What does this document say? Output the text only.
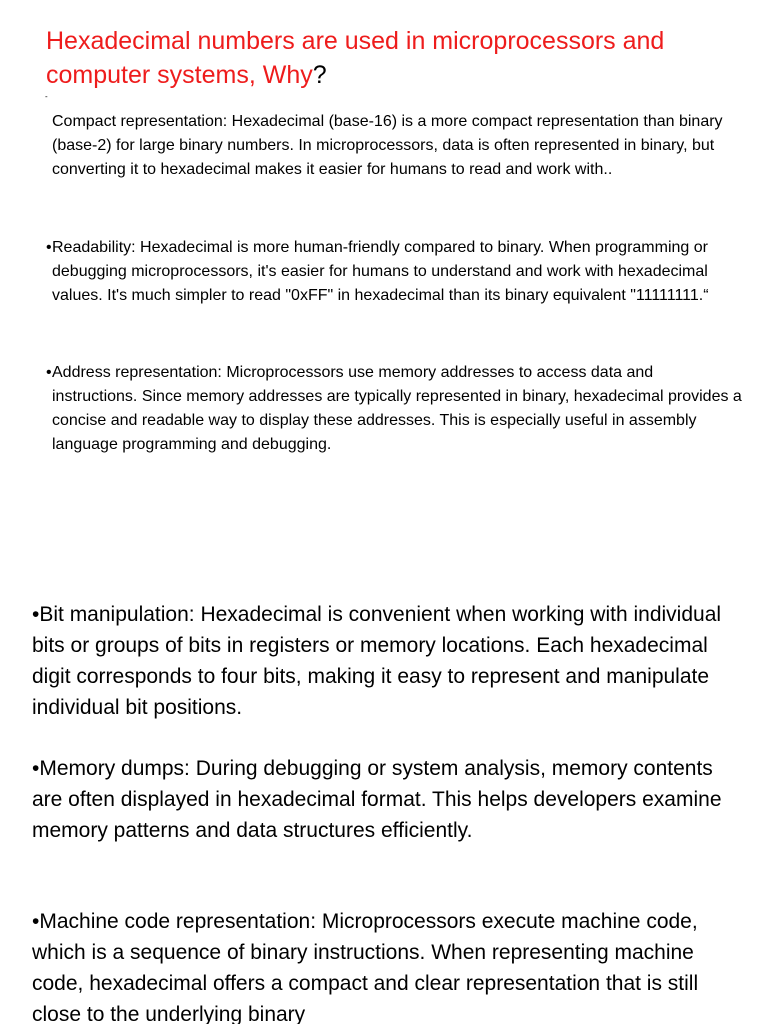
Hexadecimal numbers are used in microprocessors and computer systems, Why?
-

Compact representation: Hexadecimal (base-16) is a more compact representation than binary (base-2) for large binary numbers. In microprocessors, data is often represented in binary, but converting it to hexadecimal makes it easier for humans to read and work with..

• Readability: Hexadecimal is more human-friendly compared to binary. When programming or debugging microprocessors, it's easier for humans to understand and work with hexadecimal values. It's much simpler to read "0xFF" in hexadecimal than its binary equivalent "11111111.“

• Address representation: Microprocessors use memory addresses to access data and instructions. Since memory addresses are typically represented in binary, hexadecimal provides a concise and readable way to display these addresses. This is especially useful in assembly language programming and debugging.

•Bit manipulation: Hexadecimal is convenient when working with individual bits or groups of bits in registers or memory locations. Each hexadecimal digit corresponds to four bits, making it easy to represent and manipulate individual bit positions.

•Memory dumps: During debugging or system analysis, memory contents are often displayed in hexadecimal format. This helps developers examine memory patterns and data structures efficiently.

•Machine code representation: Microprocessors execute machine code, which is a sequence of binary instructions. When representing machine code, hexadecimal offers a compact and clear representation that is still close to the underlying binary
